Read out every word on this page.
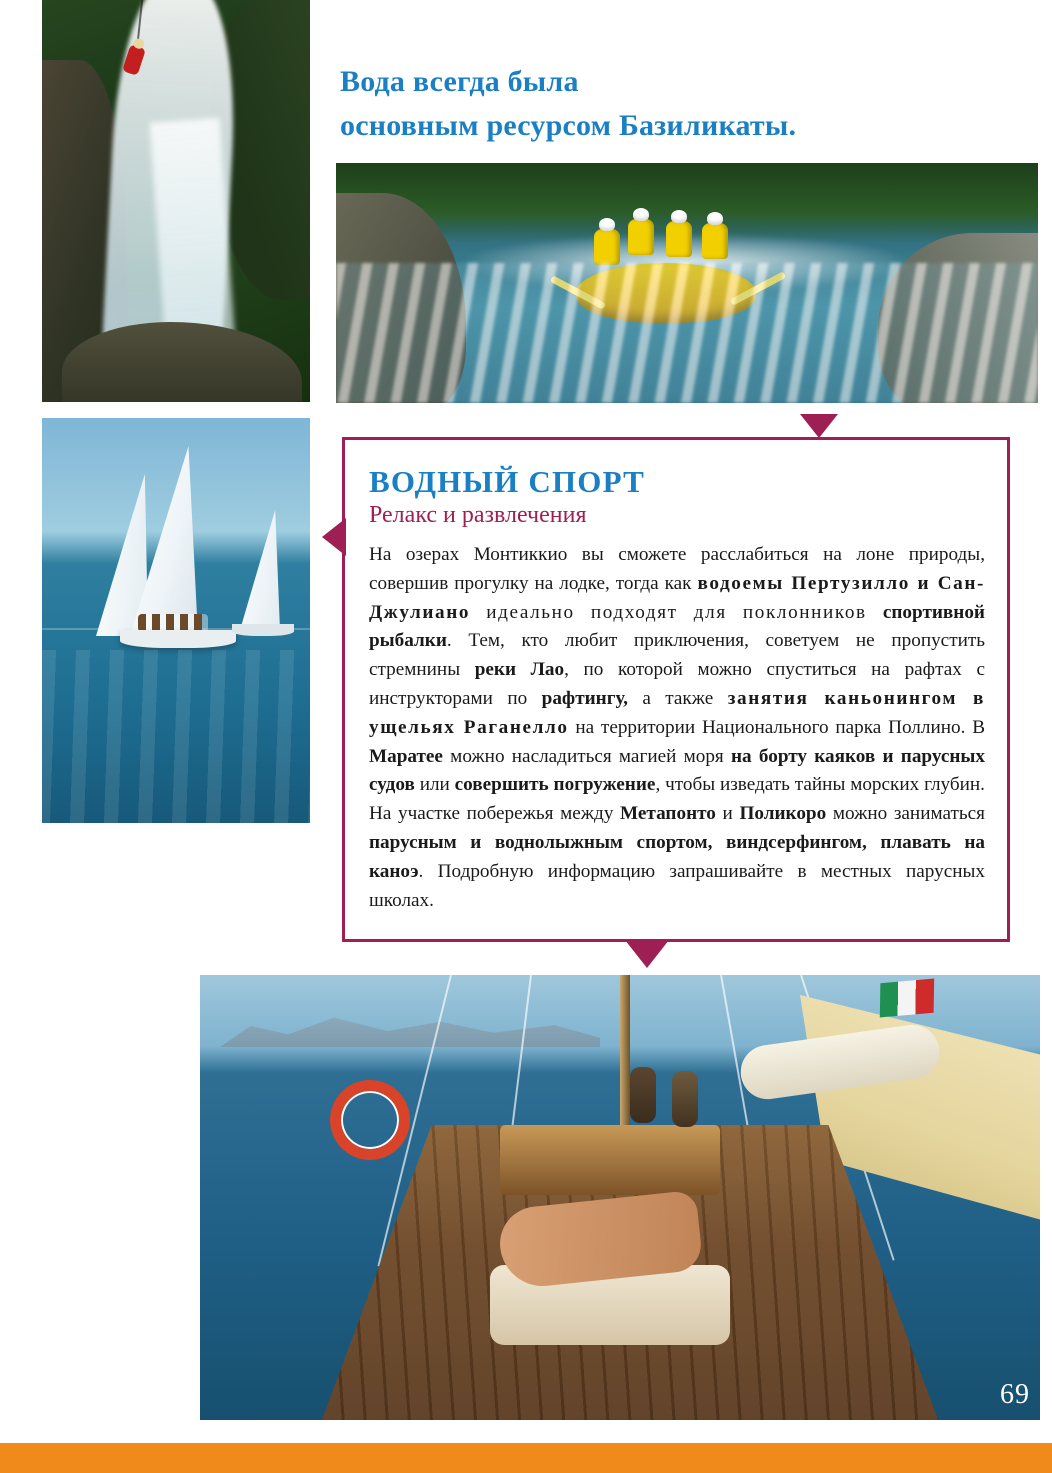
Вода всегда была
основным ресурсом Базиликаты.
ВОДНЫЙ СПОРТ
Релакс и развлечения

На озерах Монтиккио вы сможете расслабиться на лоне природы, совершив прогулку на лодке, тогда как водоемы Пертузилло и Сан-Джулиано идеально подходят для поклонников спортивной рыбалки. Тем, кто любит приключения, советуем не пропустить стремнины реки Лао, по которой можно спуститься на рафтах с инструкторами по рафтингу, а также занятия каньонингом в ущельях Раганелло на территории Национального парка Поллино. В Маратее можно насладиться магией моря на борту каяков и парусных судов или совершить погружение, чтобы изведать тайны морских глубин. На участке побережья между Метапонто и Поликоро можно заниматься парусным и воднолыжным спортом, виндсерфингом, плавать на каноэ. Подробную информацию запрашивайте в местных парусных школах.

69
